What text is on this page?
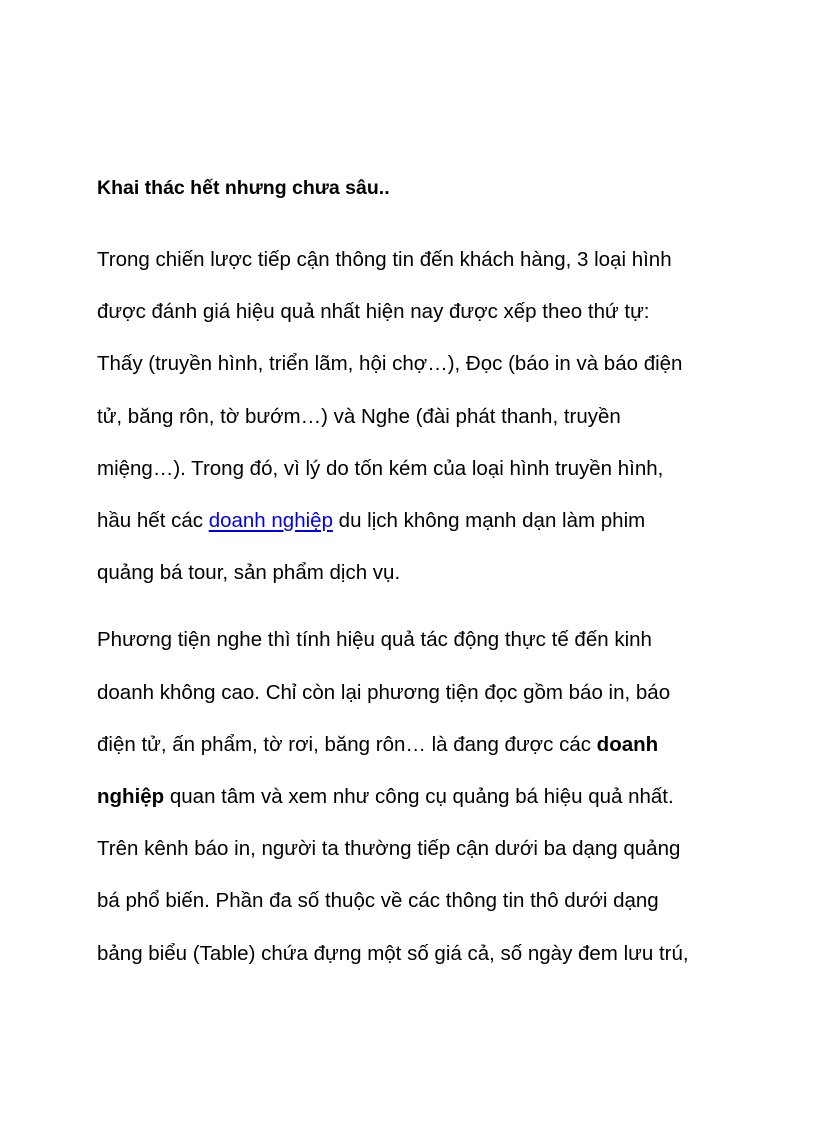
Khai thác hết nhưng chưa sâu..
Trong chiến lược tiếp cận thông tin đến khách hàng, 3 loại hình
được đánh giá hiệu quả nhất hiện nay được xếp theo thứ tự:
Thấy (truyền hình, triển lãm, hội chợ…), Đọc (báo in và báo điện
tử, băng rôn, tờ bướm…) và Nghe (đài phát thanh, truyền
miệng…). Trong đó, vì lý do tốn kém của loại hình truyền hình,
hầu hết các doanh nghiệp du lịch không mạnh dạn làm phim
quảng bá tour, sản phẩm dịch vụ.
Phương tiện nghe thì tính hiệu quả tác động thực tế đến kinh
doanh không cao. Chỉ còn lại phương tiện đọc gồm báo in, báo
điện tử, ấn phẩm, tờ rơi, băng rôn… là đang được các doanh
nghiệp quan tâm và xem như công cụ quảng bá hiệu quả nhất.
Trên kênh báo in, người ta thường tiếp cận dưới ba dạng quảng
bá phổ biến. Phần đa số thuộc về các thông tin thô dưới dạng
bảng biểu (Table) chứa đựng một số giá cả, số ngày đem lưu trú,
